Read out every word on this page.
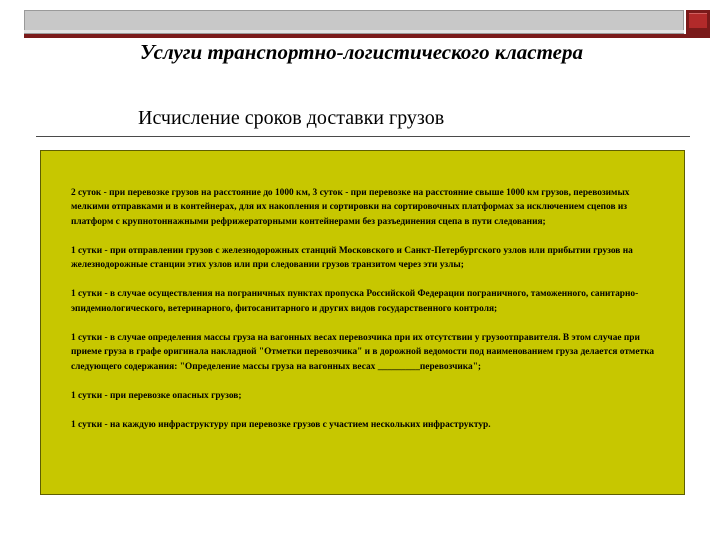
Услуги транспортно-логистического кластера
Исчисление сроков доставки грузов

2 суток - при перевозке грузов на расстояние до 1000 км, 3 суток - при перевозке на расстояние свыше 1000 км грузов, перевозимых мелкими отправками и в контейнерах, для их накопления и сортировки на сортировочных платформах за исключением сцепов из платформ с крупнотоннажными рефрижераторными контейнерами без разъединения сцепа в пути следования;

1 сутки - при отправлении грузов с железнодорожных станций Московского и Санкт-Петербургского узлов или прибытии грузов на железнодорожные станции этих узлов или при следовании грузов транзитом через эти узлы;

1 сутки - в случае осуществления на пограничных пунктах пропуска Российской Федерации пограничного, таможенного, санитарно-эпидемиологического, ветеринарного, фитосанитарного и других видов государственного контроля;

1 сутки - в случае определения массы груза на вагонных весах перевозчика при их отсутствии у грузоотправителя. В этом случае при приеме груза в графе оригинала накладной "Отметки перевозчика" и в дорожной ведомости под наименованием груза делается отметка следующего содержания: "Определение массы груза на вагонных весах _________перевозчика";

1 сутки - при перевозке опасных грузов;

1 сутки - на каждую инфраструктуру при перевозке грузов с участием нескольких инфраструктур.
